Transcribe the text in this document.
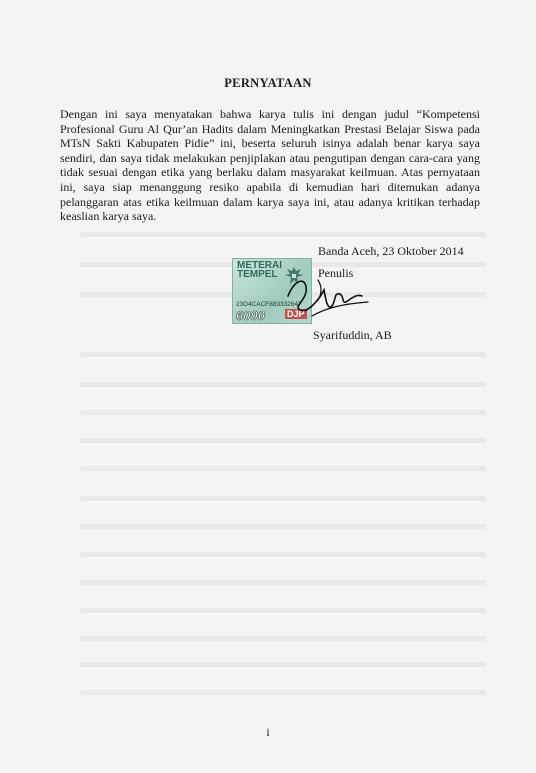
PERNYATAAN

Dengan ini saya menyatakan bahwa karya tulis ini dengan judul “Kompetensi Profesional Guru Al Qur’an Hadits dalam Meningkatkan Prestasi Belajar Siswa pada MTsN Sakti Kabupaten Pidie” ini, beserta seluruh isinya adalah benar karya saya sendiri, dan saya tidak melakukan penjiplakan atau pengutipan dengan cara-cara yang tidak sesuai dengan etika yang berlaku dalam masyarakat keilmuan. Atas pernyataan ini, saya siap menanggung resiko apabila di kemudian hari ditemukan adanya pelanggaran atas etika keilmuan dalam karya saya ini, atau adanya kritikan terhadap keaslian karya saya.

Banda Aceh, 23 Oktober 2014
METERAI TEMPEL
23D4CACF883332647
6000 DJP
Penulis
Syarifuddin, AB
i
